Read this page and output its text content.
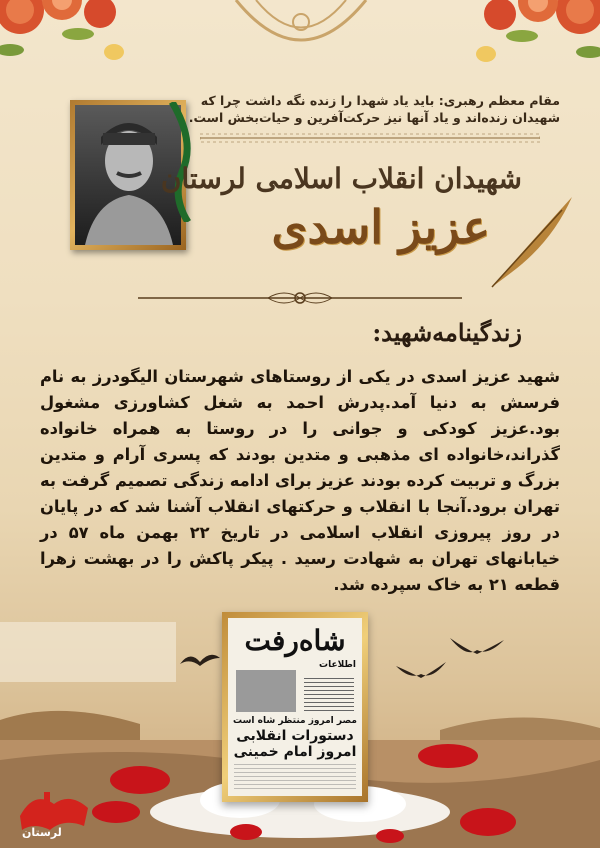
مقام معظم رهبری: باید یاد شهدا را زنده نگه داشت چرا که
شهیدان زنده‌اند و یاد آنها نیز حرکت‌آفرین و حیات‌بخش است.
شهیدان انقلاب اسلامی لرستان
عزیز اسدی
زندگینامه‌شهید:
شهید عزیز اسدی در یکی از روستاهای شهرستان الیگودرز به نام فرسش به دنیا آمد.پدرش احمد به شغل کشاورزی مشغول بود.عزیز کودکی و جوانی را در روستا به همراه خانواده گذراند،خانواده ای مذهبی و متدین بودند که پسری آرام و متدین بزرگ و تربیت کرده بودند عزیز برای ادامه زندگی تصمیم گرفت به تهران برود.آنجا با انقلاب و حرکتهای انقلاب آشنا شد که در پایان در روز پیروزی انقلاب اسلامی در تاریخ ۲۲ بهمن ماه ۵۷ در خیابانهای تهران به شهادت رسید . پیکر پاکش را در بهشت زهرا قطعه ۲۱ به خاک سپرده شد.
شاه‌رفت
اطلاعات
مصر امروز منتظر شاه است
دستورات انقلابی امروز امام خمینی
لرستان
